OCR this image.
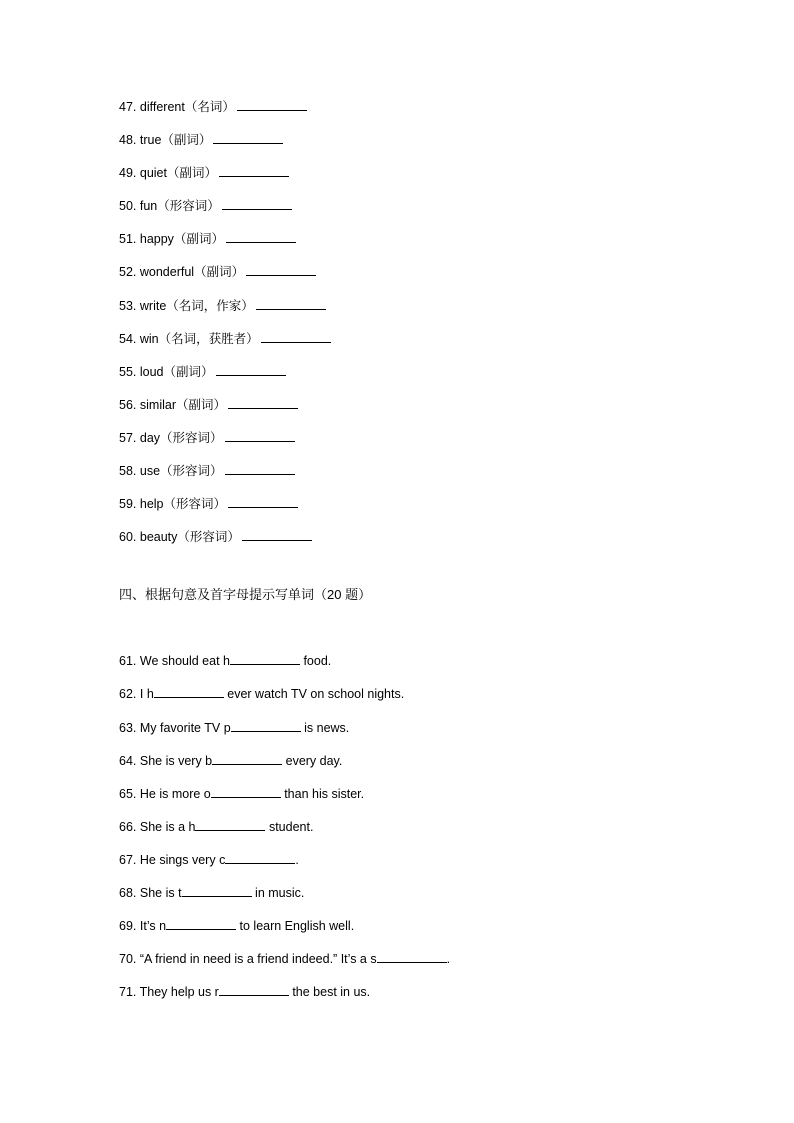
47. different（名词）
48. true（副词）
49. quiet（副词）
50. fun（形容词）
51. happy（副词）
52. wonderful（副词）
53. write（名词，作家）
54. win（名词，获胜者）
55. loud（副词）
56. similar（副词）
57. day（形容词）
58. use（形容词）
59. help（形容词）
60. beauty（形容词）
四、根据句意及首字母提示写单词（20 题）
61. We should eat h	food.
62. I h	ever watch TV on school nights.
63. My favorite TV p	is news.
64. She is very b	every day.
65. He is more o	than his sister.
66. She is a h	student.
67. He sings very c	.
68. She is t	in music.
69. It’s n	to learn English well.
70. “A friend in need is a friend indeed.” It’s a s	.
71. They help us r	the best in us.
